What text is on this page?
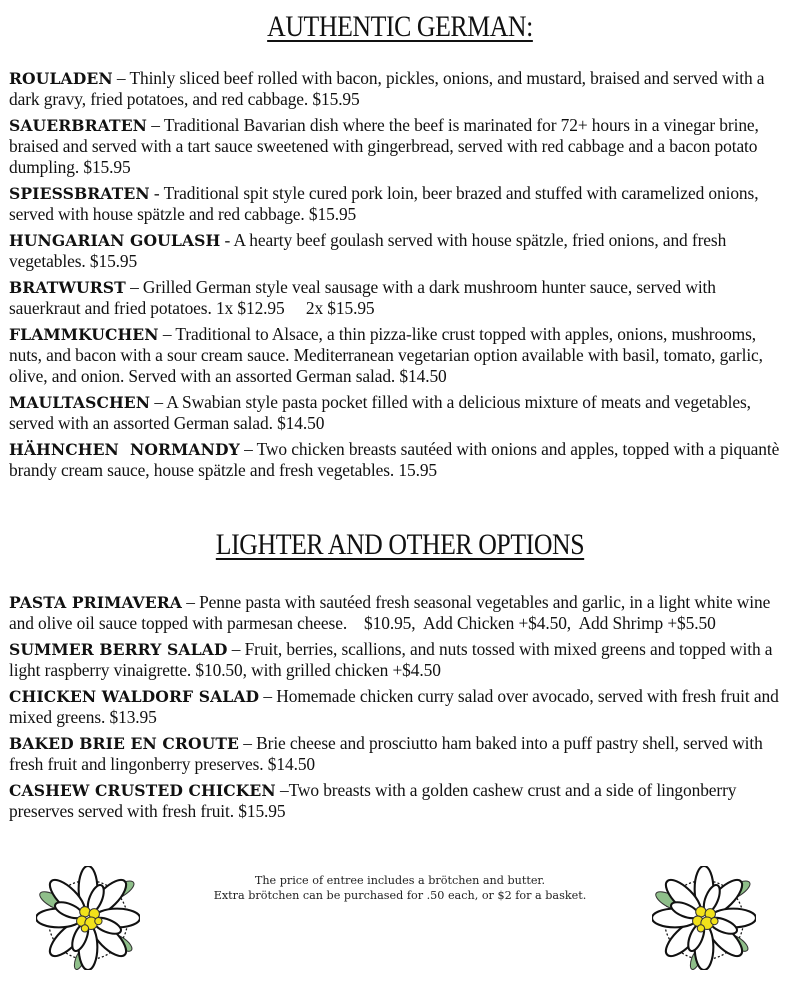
AUTHENTIC GERMAN:

ROULADEN – Thinly sliced beef rolled with bacon, pickles, onions, and mustard, braised and served with a dark gravy, fried potatoes, and red cabbage. $15.95

SAUERBRATEN – Traditional Bavarian dish where the beef is marinated for 72+ hours in a vinegar brine, braised and served with a tart sauce sweetened with gingerbread, served with red cabbage and a bacon potato dumpling. $15.95

SPIESSBRATEN - Traditional spit style cured pork loin, beer brazed and stuffed with caramelized onions, served with house spätzle and red cabbage. $15.95

HUNGARIAN GOULASH - A hearty beef goulash served with house spätzle, fried onions, and fresh vegetables. $15.95

BRATWURST – Grilled German style veal sausage with a dark mushroom hunter sauce, served with sauerkraut and fried potatoes. 1x $12.95     2x $15.95

FLAMMKUCHEN – Traditional to Alsace, a thin pizza-like crust topped with apples, onions, mushrooms, nuts, and bacon with a sour cream sauce. Mediterranean vegetarian option available with basil, tomato, garlic, olive, and onion. Served with an assorted German salad. $14.50

MAULTASCHEN – A Swabian style pasta pocket filled with a delicious mixture of meats and vegetables, served with an assorted German salad. $14.50

HÄHNCHEN  NORMANDY – Two chicken breasts sautéed with onions and apples, topped with a piquantè brandy cream sauce, house spätzle and fresh vegetables. 15.95

LIGHTER AND OTHER OPTIONS

PASTA PRIMAVERA – Penne pasta with sautéed fresh seasonal vegetables and garlic, in a light white wine and olive oil sauce topped with parmesan cheese.    $10.95,  Add Chicken +$4.50,  Add Shrimp +$5.50

SUMMER BERRY SALAD – Fruit, berries, scallions, and nuts tossed with mixed greens and topped with a light raspberry vinaigrette. $10.50, with grilled chicken +$4.50

CHICKEN WALDORF SALAD – Homemade chicken curry salad over avocado, served with fresh fruit and mixed greens. $13.95

BAKED BRIE EN CROUTE – Brie cheese and prosciutto ham baked into a puff pastry shell, served with fresh fruit and lingonberry preserves. $14.50

CASHEW CRUSTED CHICKEN –Two breasts with a golden cashew crust and a side of lingonberry preserves served with fresh fruit. $15.95

The price of entree includes a brötchen and butter.
Extra brötchen can be purchased for .50 each, or $2 for a basket.
